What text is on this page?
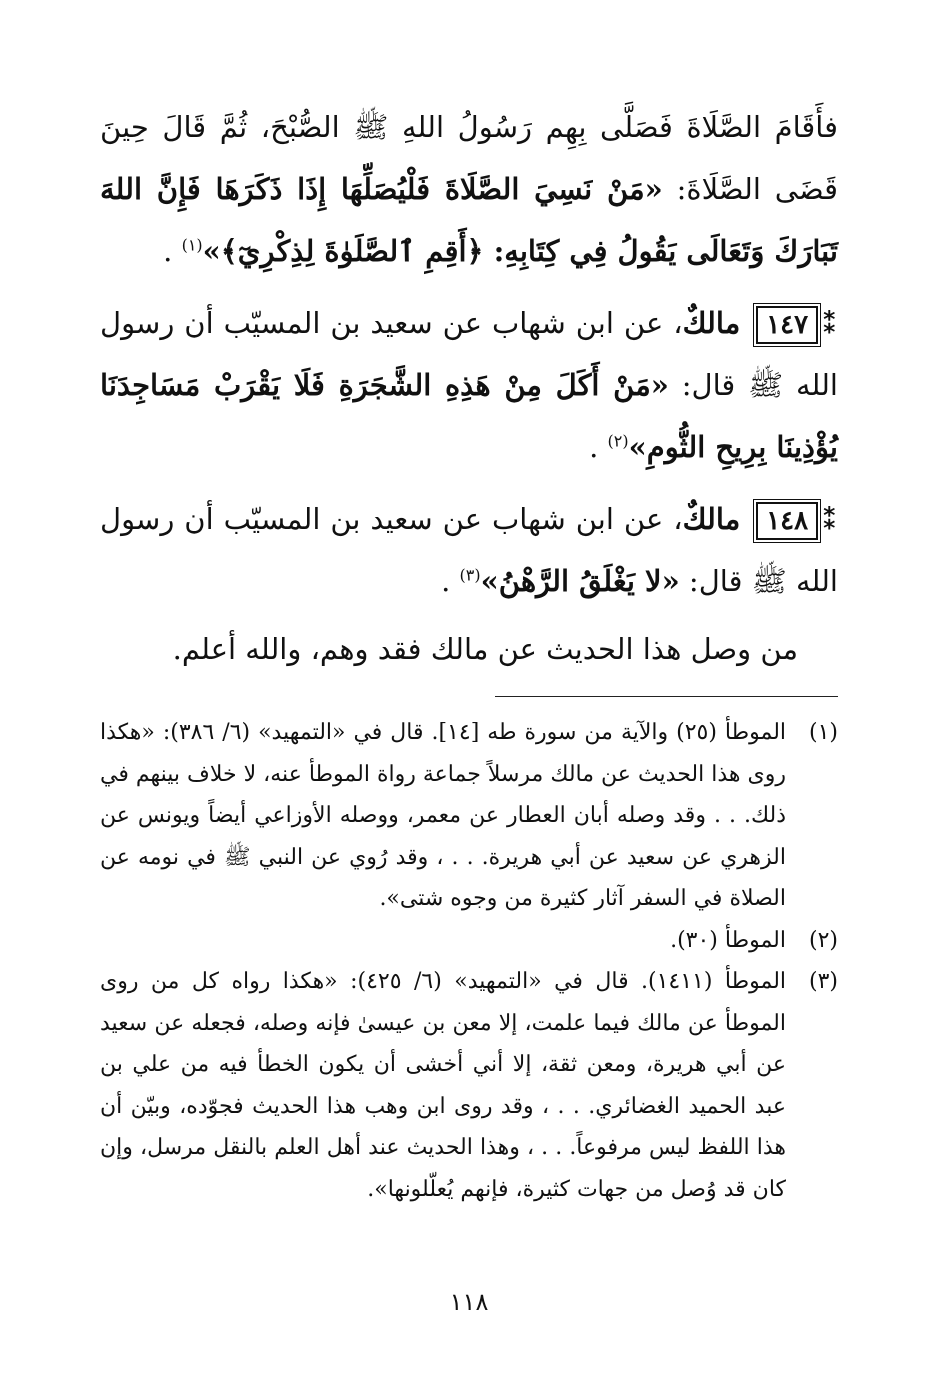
فأَقَامَ الصَّلَاةَ فَصَلَّى بِهِم رَسُولُ اللهِ ﷺ الصُّبْحَ، ثُمَّ قَالَ حِينَ قَضَى الصَّلَاةَ: «مَنْ نَسِيَ الصَّلَاةَ فَلْيُصَلِّهَا إِذَا ذَكَرَهَا فَإِنَّ اللهَ تَبَارَكَ وَتَعَالَى يَقُولُ فِي كِتَابِهِ: ﴿أَقِمِ ٱلصَّلَوٰةَ لِذِكْرِيٓ﴾»$^{(١)}$ .

⁑١٤٧ مالكٌ، عن ابن شهاب عن سعيد بن المسيّب أن رسول الله ﷺ قال: «مَنْ أَكَلَ مِنْ هَذِهِ الشَّجَرَةِ فَلَا يَقْرَبْ مَسَاجِدَنَا يُؤْذِينَا بِرِيحِ الثُّومِ»$^{(٢)}$ .

⁑١٤٨ مالكٌ، عن ابن شهاب عن سعيد بن المسيّب أن رسول الله ﷺ قال: «لا يَغْلَقُ الرَّهْنُ»$^{(٣)}$ .

من وصل هذا الحديث عن مالك فقد وهم، والله أعلم.

(١)
الموطأ (٢٥) والآية من سورة طه [١٤]. قال في «التمهيد» (٦/ ٣٨٦): «هكذا روى هذا الحديث عن مالك مرسلاً جماعة رواة الموطأ عنه، لا خلاف بينهم في ذلك. . . وقد وصله أبان العطار عن معمر، ووصله الأوزاعي أيضاً ويونس عن الزهري عن سعيد عن أبي هريرة. . . ، وقد رُوي عن النبي ﷺ في نومه عن الصلاة في السفر آثار كثيرة من وجوه شتى».
(٢)
الموطأ (٣٠).
(٣)
الموطأ (١٤١١). قال في «التمهيد» (٦/ ٤٢٥): «هكذا رواه كل من روى الموطأ عن مالك فيما علمت، إلا معن بن عيسىٰ فإنه وصله، فجعله عن سعيد عن أبي هريرة، ومعن ثقة، إلا أني أخشى أن يكون الخطأ فيه من علي بن عبد الحميد الغضائري. . . ، وقد روى ابن وهب هذا الحديث فجوّده، وبيّن أن هذا اللفظ ليس مرفوعاً. . . ، وهذا الحديث عند أهل العلم بالنقل مرسل، وإن كان قد وُصل من جهات كثيرة، فإنهم يُعلّلونها».
١١٨
